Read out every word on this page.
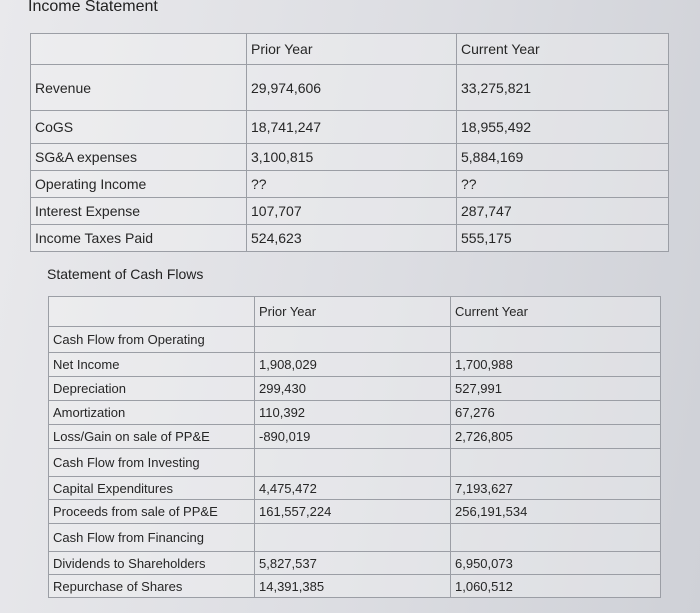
Income Statement
	Prior Year	Current Year
Revenue	29,974,606	33,275,821
CoGS	18,741,247	18,955,492
SG&A expenses	3,100,815	5,884,169
Operating Income	??	??
Interest Expense	107,707	287,747
Income Taxes Paid	524,623	555,175
Statement of Cash Flows
	Prior Year	Current Year
Cash Flow from Operating		
Net Income	1,908,029	1,700,988
Depreciation	299,430	527,991
Amortization	110,392	67,276
Loss/Gain on sale of PP&E	-890,019	2,726,805
Cash Flow from Investing		
Capital Expenditures	4,475,472	7,193,627
Proceeds from sale of PP&E	161,557,224	256,191,534
Cash Flow from Financing		
Dividends to Shareholders	5,827,537	6,950,073
Repurchase of Shares	14,391,385	1,060,512
